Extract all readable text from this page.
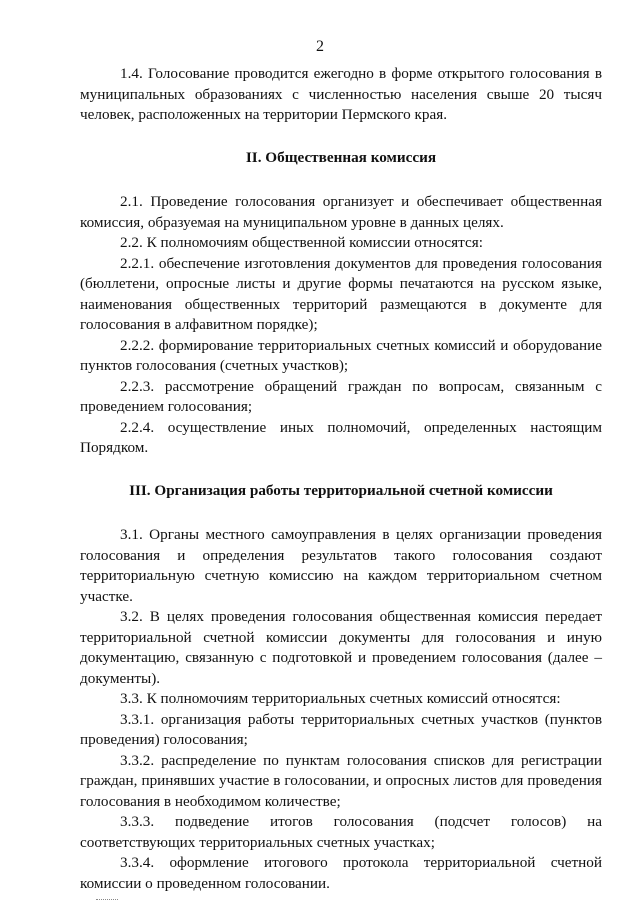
2

1.4. Голосование проводится ежегодно в форме открытого голосования в муниципальных образованиях с численностью населения свыше 20 тысяч человек, расположенных на территории Пермского края.

II. Общественная комиссия

2.1. Проведение голосования организует и обеспечивает общественная комиссия, образуемая на муниципальном уровне в данных целях.

2.2. К полномочиям общественной комиссии относятся:

2.2.1. обеспечение изготовления документов для проведения голосования (бюллетени, опросные листы и другие формы печатаются на русском языке, наименования общественных территорий размещаются в документе для голосования в алфавитном порядке);

2.2.2. формирование территориальных счетных комиссий и оборудование пунктов голосования (счетных участков);

2.2.3. рассмотрение обращений граждан по вопросам, связанным с проведением голосования;

2.2.4. осуществление иных полномочий, определенных настоящим Порядком.

III. Организация работы территориальной счетной комиссии

3.1. Органы местного самоуправления в целях организации проведения голосования и определения результатов такого голосования создают территориальную счетную комиссию на каждом территориальном счетном участке.

3.2. В целях проведения голосования общественная комиссия передает территориальной счетной комиссии документы для голосования и иную документацию, связанную с подготовкой и проведением голосования (далее – документы).

3.3. К полномочиям территориальных счетных комиссий относятся:

3.3.1. организация работы территориальных счетных участков (пунктов проведения) голосования;

3.3.2. распределение по пунктам голосования списков для регистрации граждан, принявших участие в голосовании, и опросных листов для проведения голосования в необходимом количестве;

3.3.3. подведение итогов голосования (подсчет голосов) на соответствующих территориальных счетных участках;

3.3.4. оформление итогового протокола территориальной счетной комиссии о проведенном голосовании.
